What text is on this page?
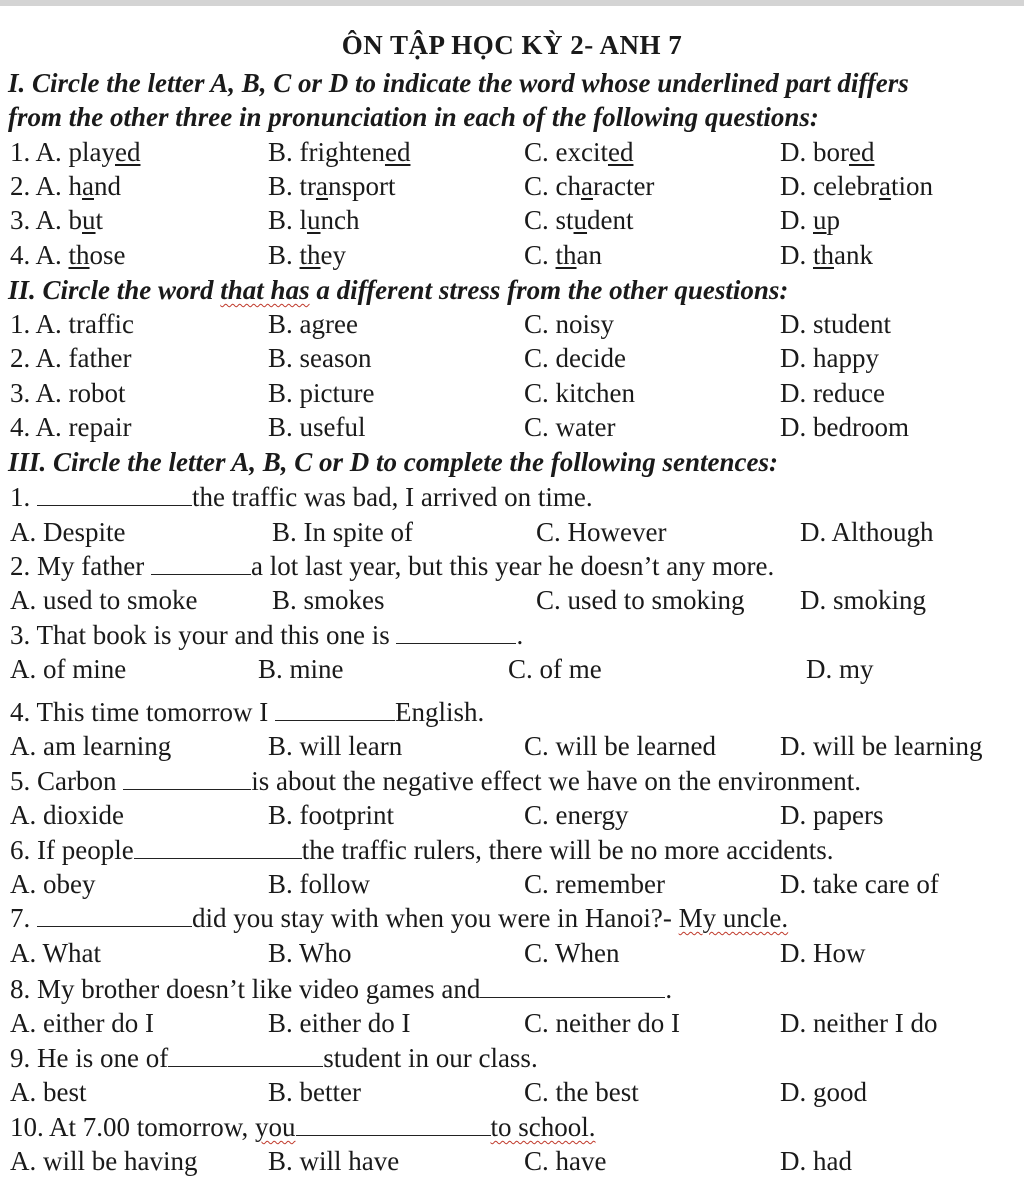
ÔN TẬP HỌC KỲ 2- ANH 7
I. Circle the letter A, B, C or D to indicate the word whose underlined part differs
from the other three in pronunciation in each of the following questions:
1. A. played	B. frightened	C. excited	D. bored
2. A. hand	B. transport	C. character	D. celebration
3. A. but	B. lunch	C. student	D. up
4. A. those	B. they	C. than	D. thank
II. Circle the word that has a different stress from the other questions:
1. A. traffic	B. agree	C. noisy	D. student
2. A. father	B. season	C. decide	D. happy
3. A. robot	B. picture	C. kitchen	D. reduce
4. A. repair	B. useful	C. water	D. bedroom
III. Circle the letter A, B, C or D to complete the following sentences:
1.	the traffic was bad, I arrived on time.
A. Despite	B. In spite of	C. However	D. Although
2. My father	a lot last year, but this year he doesn’t any more.
A. used to smoke	B. smokes	C. used to smoking D. smoking
3. That book is your and this one is	.
A. of mine	B. mine	C. of me	D. my
4. This time tomorrow I	English.
A. am learning	B. will learn	C. will be learned D. will be learning
5. Carbon	is about the negative effect we have on the environment.
A. dioxide	B. footprint	C. energy	D. papers
6. If people	the traffic rulers, there will be no more accidents.
A. obey	B. follow	C. remember	D. take care of
7.	did you stay with when you were in Hanoi?- My uncle.
A. What	B. Who	C. When	D. How
8. My brother doesn’t like video games and	.
A. either do I	B. either do I	C. neither do I	D. neither I do
9. He is one of	student in our class.
A. best	B. better	C. the best	D. good
10. At 7.00 tomorrow, you	to school.
A. will be having	B. will have	C. have	D. had
